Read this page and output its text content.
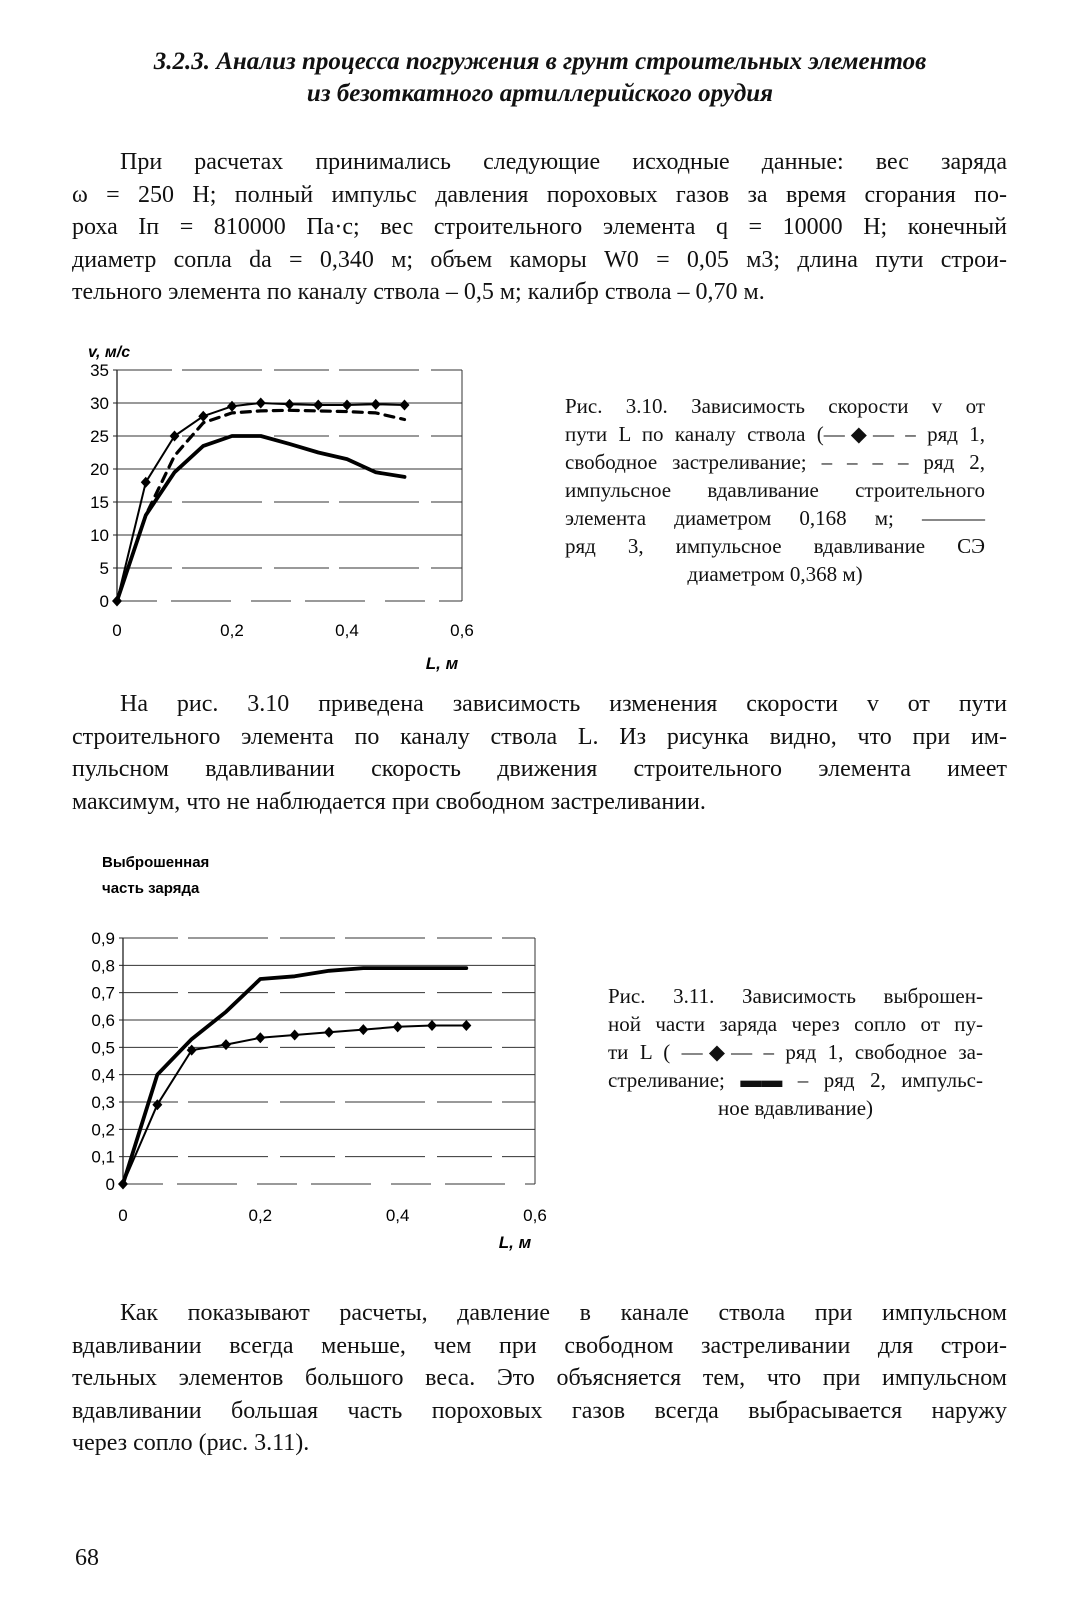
3.2.3. Анализ процесса погружения в грунт строительных элементов
из безоткатного артиллерийского орудия
При расчетах принимались следующие исходные данные: вес заряда
ω = 250 Н; полный импульс давления пороховых газов за время сгорания по-
роха Iп = 810000 Па·с; вес строительного элемента q = 10000 Н; конечный
диаметр сопла dа = 0,340 м; объем каморы W0 = 0,05 м3; длина пути строи-
тельного элемента по каналу ствола – 0,5 м; калибр ствола – 0,70 м.
v, м/с
0
5
10
15
20
25
30
35
0	0,2	0,4	0,6
L, м
Рис. 3.10. Зависимость скорости v от
пути L по каналу ствола (—◆— – ряд 1,
свободное застреливание; – – – – ряд 2,
импульсное вдавливание строительного
элемента диаметром 0,168 м; ———
ряд 3, импульсное вдавливание СЭ
диаметром 0,368 м)
На рис. 3.10 приведена зависимость изменения скорости v от пути
строительного элемента по каналу ствола L. Из рисунка видно, что при им-
пульсном вдавливании скорость движения строительного элемента имеет
максимум, что не наблюдается при свободном застреливании.
Выброшенная
часть заряда
0
0,1
0,2
0,3
0,4
0,5
0,6
0,7
0,8
0,9
0	0,2	0,4	0,6
L, м
Рис. 3.11. Зависимость выброшен-
ной части заряда через сопло от пу-
ти L ( —◆— – ряд 1, свободное за-
стреливание; ▬▬ – ряд 2, импульс-
ное вдавливание)
Как показывают расчеты, давление в канале ствола при импульсном
вдавливании всегда меньше, чем при свободном застреливании для строи-
тельных элементов большого веса. Это объясняется тем, что при импульсном
вдавливании большая часть пороховых газов всегда выбрасывается наружу
через сопло (рис. 3.11).
68
